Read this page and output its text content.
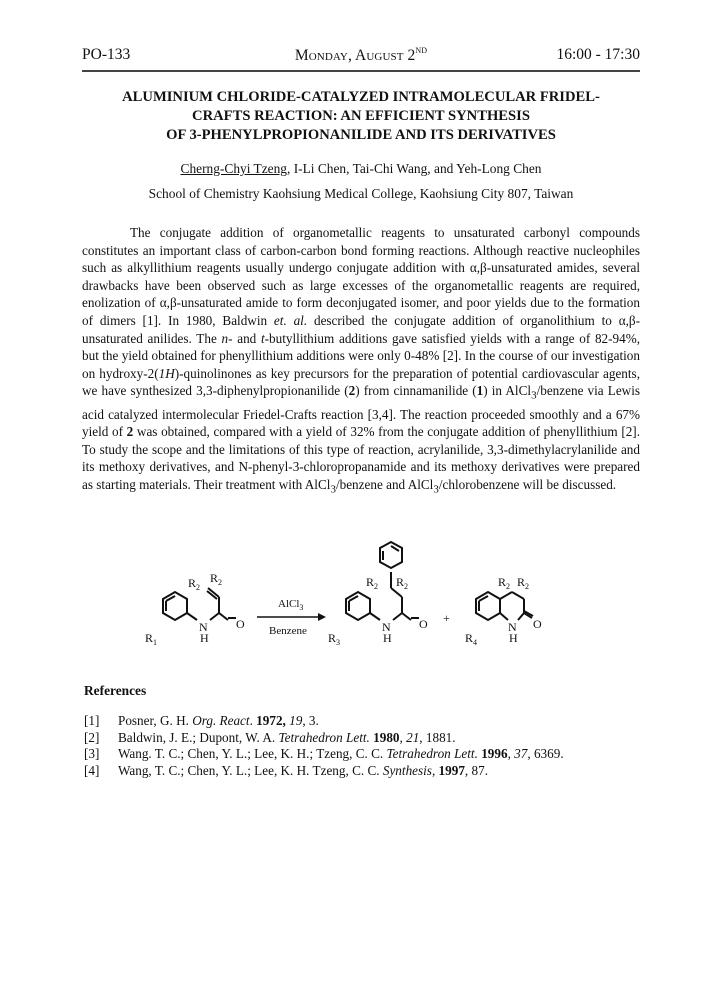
PO-133	Monday, August 2ND	16:00 - 17:30
ALUMINIUM CHLORIDE-CATALYZED INTRAMOLECULAR FRIDEL-
CRAFTS REACTION: AN EFFICIENT SYNTHESIS
OF 3-PHENYLPROPIONANILIDE AND ITS DERIVATIVES
Cherng-Chyi Tzeng, I-Li Chen, Tai-Chi Wang, and Yeh-Long Chen
School of Chemistry Kaohsiung Medical College, Kaohsiung City 807, Taiwan
The conjugate addition of organometallic reagents to unsaturated carbonyl compounds constitutes an important class of carbon-carbon bond forming reactions. Although reactive nucleophiles such as alkyllithium reagents usually undergo conjugate addition with α,β-unsaturated amides, several drawbacks have been observed such as large excesses of the organometallic reagents are required, enolization of α,β-unsaturated amide to form deconjugated isomer, and poor yields due to the formation of dimers [1]. In 1980, Baldwin et. al. described the conjugate addition of organolithium to α,β-unsaturated anilides. The n- and t-butyllithium additions gave satisfied yields with a range of 82-94%, but the yield obtained for phenyllithium additions were only 0-48% [2]. In the course of our investigation on hydroxy-2(1H)-quinolinones as key precursors for the preparation of potential cardiovascular agents, we have synthesized 3,3-diphenylpropionanilide (2) from cinnamanilide (1) in AlCl$_3$/benzene via Lewis acid catalyzed intermolecular Friedel-Crafts reaction [3,4]. The reaction proceeded smoothly and a 67% yield of 2 was obtained, compared with a yield of 32% from the conjugate addition of phenyllithium [2]. To study the scope and the limitations of this type of reaction, acrylanilide, 3,3-dimethylacrylanilide and its methoxy derivatives, and N-phenyl-3-chloropropanamide and its methoxy derivatives were prepared as starting materials. Their treatment with AlCl$_3$/benzene and AlCl$_3$/chlorobenzene will be discussed.
$R_1$
N
H
O
$R_2$
$R_2$
AlCl$_3$
Benzene $R_3$
N
H
O
$R_2$ $R_2$
+
$R_4$
N
H
O
$R_2$ $R_2$
References
[1]	Posner, G. H. Org. React. 1972, 19, 3.
[2]	Baldwin, J. E.; Dupont, W. A. Tetrahedron Lett. 1980, 21, 1881.
[3]	Wang. T. C.; Chen, Y. L.; Lee, K. H.; Tzeng, C. C. Tetrahedron Lett. 1996, 37, 6369.
[4]	Wang, T. C.; Chen, Y. L.; Lee, K. H. Tzeng, C. C. Synthesis, 1997, 87.
